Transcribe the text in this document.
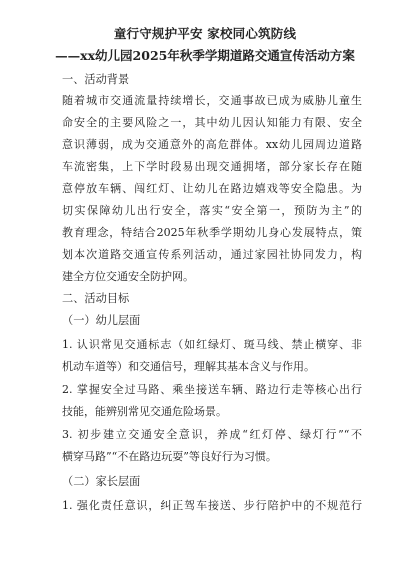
童行守规护平安 家校同心筑防线
——xx幼儿园2025年秋季学期道路交通宣传活动方案
一、活动背景
随着城市交通流量持续增长，交通事故已成为威胁儿童生
命安全的主要风险之一，其中幼儿因认知能力有限、安全
意识薄弱，成为交通意外的高危群体。xx幼儿园周边道路
车流密集，上下学时段易出现交通拥堵，部分家长存在随
意停放车辆、闯红灯、让幼儿在路边嬉戏等安全隐患。为
切实保障幼儿出行安全，落实“安全第一，预防为主”的
教育理念，特结合2025年秋季学期幼儿身心发展特点，策
划本次道路交通宣传系列活动，通过家园社协同发力，构
建全方位交通安全防护网。
二、活动目标
（一）幼儿层面
1. 认识常见交通标志（如红绿灯、斑马线、禁止横穿、非
机动车道等）和交通信号，理解其基本含义与作用。
2. 掌握安全过马路、乘坐接送车辆、路边行走等核心出行
技能，能辨别常见交通危险场景。
3. 初步建立交通安全意识，养成“红灯停、绿灯行”“不
横穿马路”“不在路边玩耍”等良好行为习惯。
（二）家长层面
1. 强化责任意识，纠正驾车接送、步行陪护中的不规范行
